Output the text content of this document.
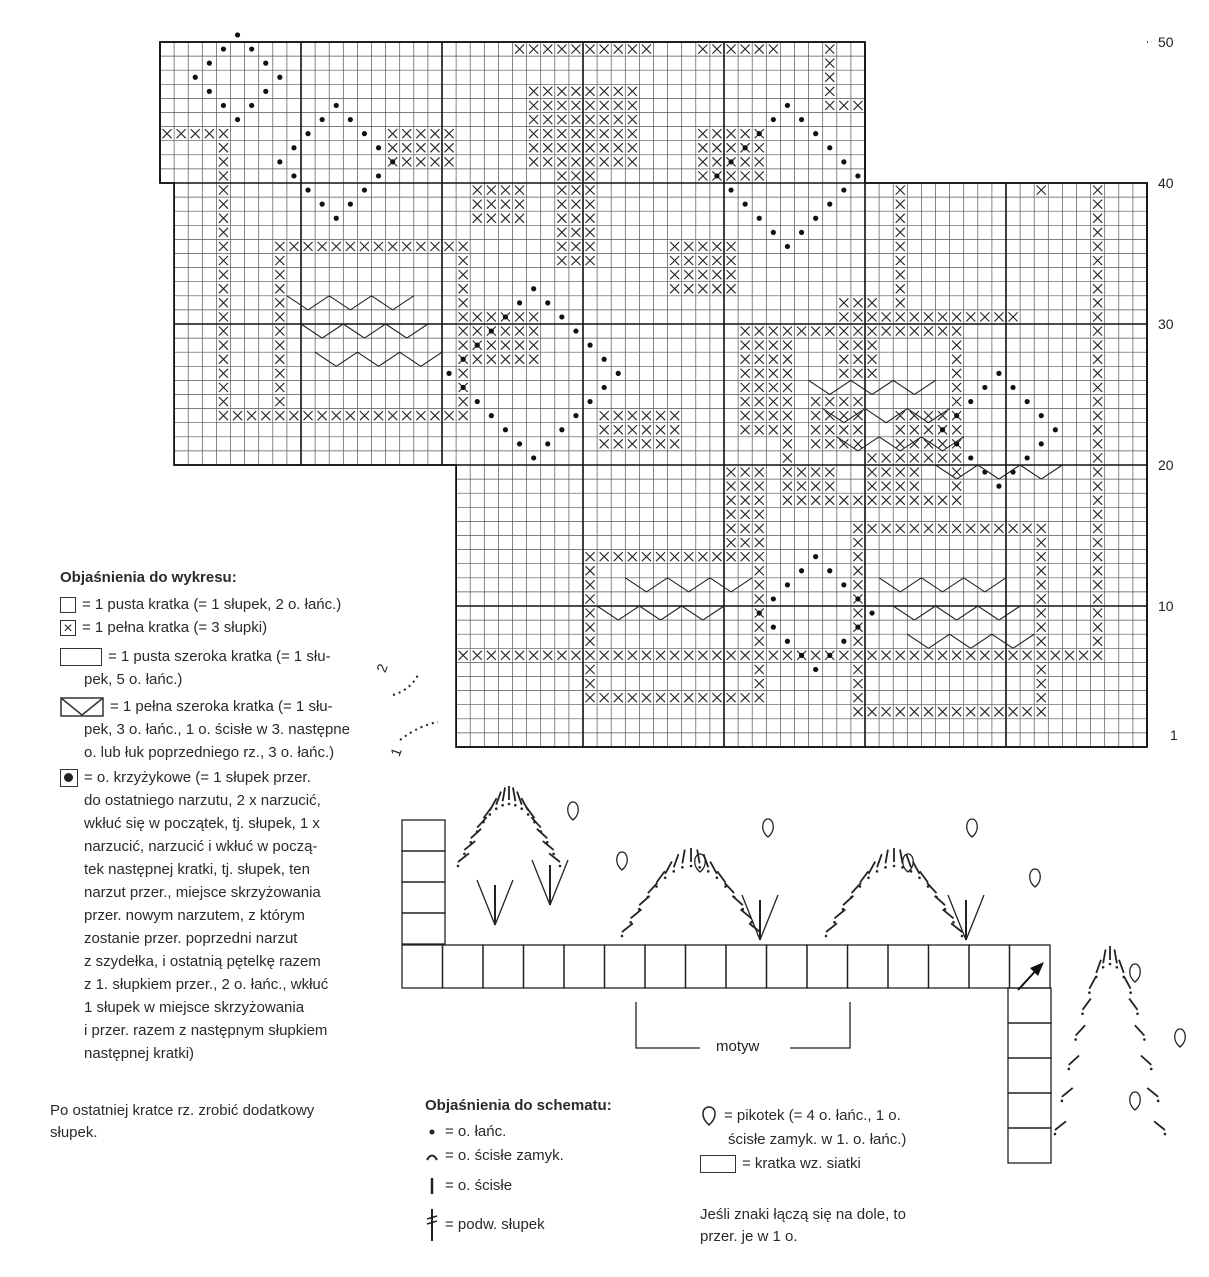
50
40
30
20
10
1
Objaśnienia do wykresu:
= 1 pusta kratka (= 1 słupek, 2 o. łańc.)
×= 1 pełna kratka (= 3 słupki)
= 1 pusta szeroka kratka (= 1 słu-
pek, 5 o. łańc.)
= 1 pełna szeroka kratka (= 1 słu-
pek, 3 o. łańc., 1 o. ścisłe w 3. następne
o. lub łuk poprzedniego rz., 3 o. łańc.)
= o. krzyżykowe (= 1 słupek przer.
do ostatniego narzutu, 2 x narzucić,
wkłuć się w początek, tj. słupek, 1 x
narzucić, narzucić i wkłuć w począ-
tek następnej kratki, tj. słupek, ten
narzut przer., miejsce skrzyżowania
przer. nowym narzutem, z którym
zostanie przer. poprzedni narzut
z szydełka, i ostatnią pętelkę razem
z 1. słupkiem przer., 2 o. łańc., wkłuć
1 słupek w miejsce skrzyżowania
i przer. razem z następnym słupkiem
następnej kratki)
Po ostatniej kratce rz. zrobić dodatkowy
słupek.
motyw
2
1
Objaśnienia do schematu:
= o. łańc.
= o. ścisłe zamyk.
= o. ścisłe
= podw. słupek
= pikotek (= 4 o. łańc., 1 o.
ścisłe zamyk. w 1. o. łańc.)
= kratka wz. siatki
Jeśli znaki łączą się na dole, to
przer. je w 1 o.
